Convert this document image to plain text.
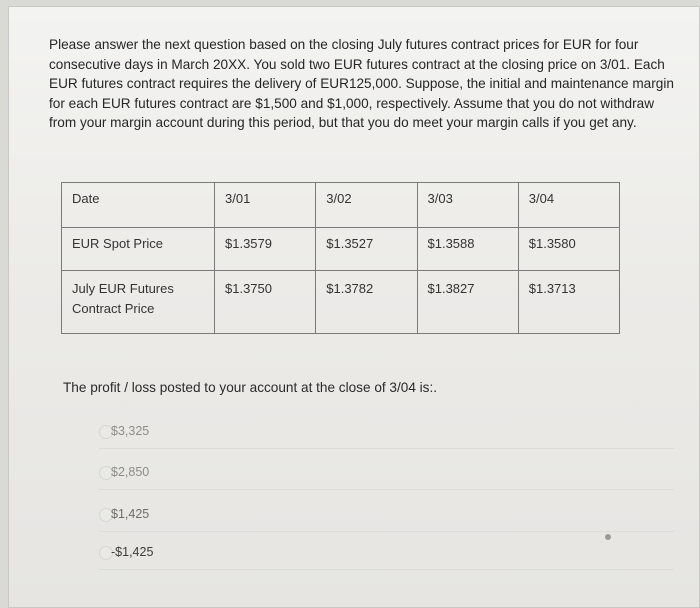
Please answer the next question based on the closing July futures contract prices for EUR for four consecutive days in March 20XX. You sold two EUR futures contract at the closing price on 3/01. Each EUR futures contract requires the delivery of EUR125,000. Suppose, the initial and maintenance margin for each EUR futures contract are $1,500 and $1,000, respectively. Assume that you do not withdraw from your margin account during this period, but that you do meet your margin calls if you get any.
Date	3/01	3/02	3/03	3/04
EUR Spot Price	$1.3579	$1.3527	$1.3588	$1.3580
July EUR Futures Contract Price	$1.3750	$1.3782	$1.3827	$1.3713
The profit / loss posted to your account at the close of 3/04 is:.
$3,325
$2,850
$1,425
-$1,425
